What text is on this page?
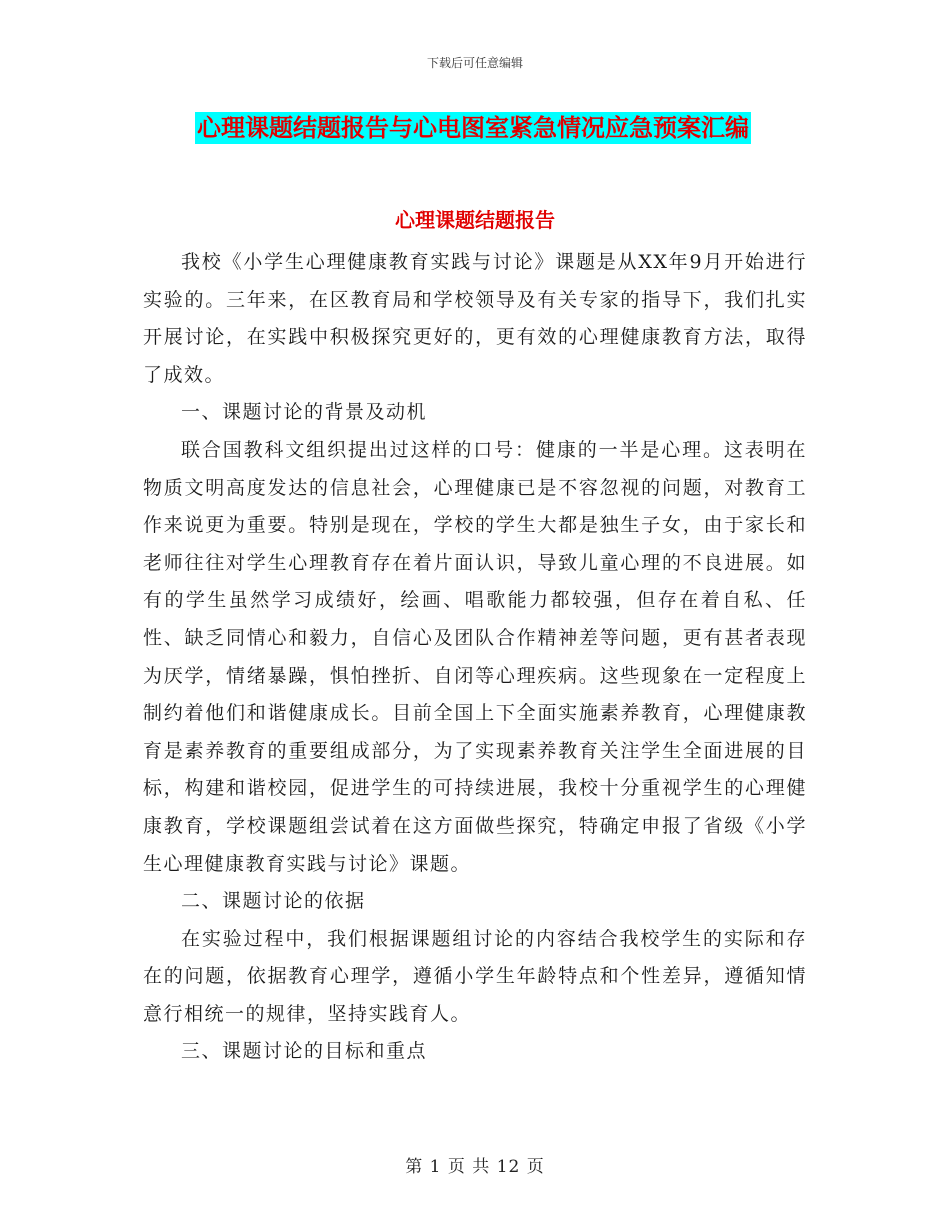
下载后可任意编辑
心理课题结题报告与心电图室紧急情况应急预案汇编
心理课题结题报告

我校《小学生心理健康教育实践与讨论》课题是从XX年9月开始进行实验的。三年来，在区教育局和学校领导及有关专家的指导下，我们扎实开展讨论，在实践中积极探究更好的，更有效的心理健康教育方法，取得了成效。

一、课题讨论的背景及动机

联合国教科文组织提出过这样的口号：健康的一半是心理。这表明在物质文明高度发达的信息社会，心理健康已是不容忽视的问题，对教育工作来说更为重要。特别是现在，学校的学生大都是独生子女，由于家长和老师往往对学生心理教育存在着片面认识，导致儿童心理的不良进展。如有的学生虽然学习成绩好，绘画、唱歌能力都较强，但存在着自私、任性、缺乏同情心和毅力，自信心及团队合作精神差等问题，更有甚者表现为厌学，情绪暴躁，惧怕挫折、自闭等心理疾病。这些现象在一定程度上制约着他们和谐健康成长。目前全国上下全面实施素养教育，心理健康教育是素养教育的重要组成部分，为了实现素养教育关注学生全面进展的目标，构建和谐校园，促进学生的可持续进展，我校十分重视学生的心理健康教育，学校课题组尝试着在这方面做些探究，特确定申报了省级《小学生心理健康教育实践与讨论》课题。

二、课题讨论的依据

在实验过程中，我们根据课题组讨论的内容结合我校学生的实际和存在的问题，依据教育心理学，遵循小学生年龄特点和个性差异，遵循知情意行相统一的规律，坚持实践育人。

三、课题讨论的目标和重点

第 1 页 共 12 页
